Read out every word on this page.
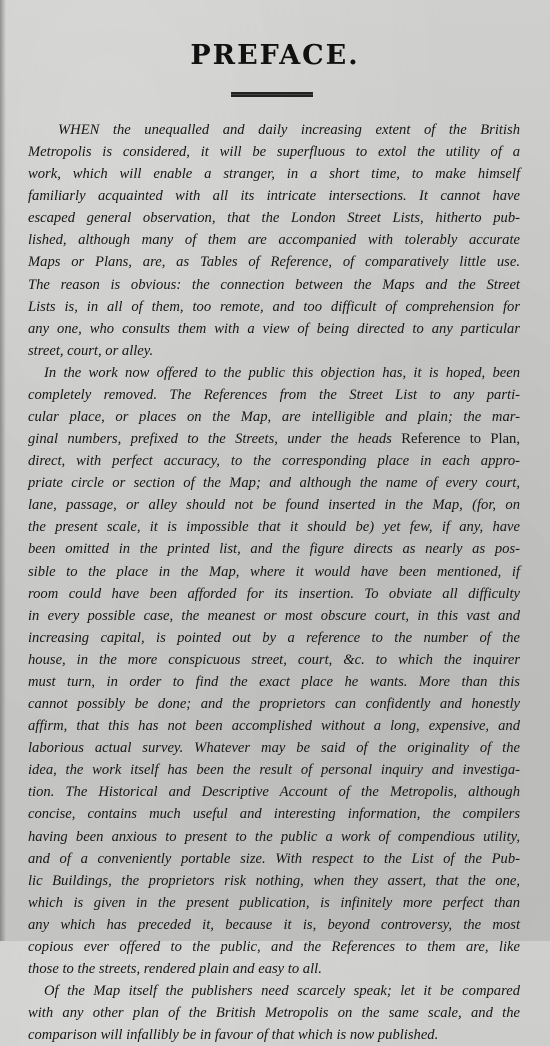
PREFACE.
WHEN the unequalled and daily increasing extent of the British
Metropolis is considered, it will be superfluous to extol the utility of a
work, which will enable a stranger, in a short time, to make himself
familiarly acquainted with all its intricate intersections. It cannot have
escaped general observation, that the London Street Lists, hitherto pub-
lished, although many of them are accompanied with tolerably accurate
Maps or Plans, are, as Tables of Reference, of comparatively little use.
The reason is obvious: the connection between the Maps and the Street
Lists is, in all of them, too remote, and too difficult of comprehension for
any one, who consults them with a view of being directed to any particular
street, court, or alley.
In the work now offered to the public this objection has, it is hoped, been
completely removed. The References from the Street List to any parti-
cular place, or places on the Map, are intelligible and plain; the mar-
ginal numbers, prefixed to the Streets, under the heads Reference to Plan,
direct, with perfect accuracy, to the corresponding place in each appro-
priate circle or section of the Map; and although the name of every court,
lane, passage, or alley should not be found inserted in the Map, (for, on
the present scale, it is impossible that it should be) yet few, if any, have
been omitted in the printed list, and the figure directs as nearly as pos-
sible to the place in the Map, where it would have been mentioned, if
room could have been afforded for its insertion. To obviate all difficulty
in every possible case, the meanest or most obscure court, in this vast and
increasing capital, is pointed out by a reference to the number of the
house, in the more conspicuous street, court, &c. to which the inquirer
must turn, in order to find the exact place he wants. More than this
cannot possibly be done; and the proprietors can confidently and honestly
affirm, that this has not been accomplished without a long, expensive, and
laborious actual survey. Whatever may be said of the originality of the
idea, the work itself has been the result of personal inquiry and investiga-
tion. The Historical and Descriptive Account of the Metropolis, although
concise, contains much useful and interesting information, the compilers
having been anxious to present to the public a work of compendious utility,
and of a conveniently portable size. With respect to the List of the Pub-
lic Buildings, the proprietors risk nothing, when they assert, that the one,
which is given in the present publication, is infinitely more perfect than
any which has preceded it, because it is, beyond controversy, the most
copious ever offered to the public, and the References to them are, like
those to the streets, rendered plain and easy to all.
Of the Map itself the publishers need scarcely speak; let it be compared
with any other plan of the British Metropolis on the same scale, and the
comparison will infallibly be in favour of that which is now published.
